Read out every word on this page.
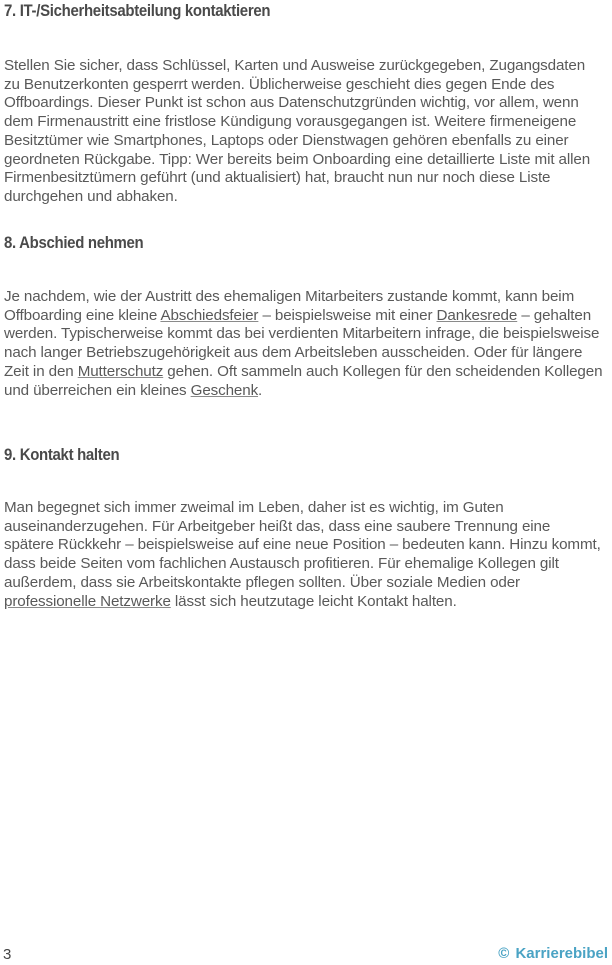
7. IT-/Sicherheitsabteilung kontaktieren

Stellen Sie sicher, dass Schlüssel, Karten und Ausweise zurückgegeben, Zugangsdaten zu Benutzerkonten gesperrt werden. Üblicherweise geschieht dies gegen Ende des Offboardings. Dieser Punkt ist schon aus Datenschutzgründen wichtig, vor allem, wenn dem Firmenaustritt eine fristlose Kündigung vorausgegangen ist. Weitere firmeneigene Besitztümer wie Smartphones, Laptops oder Dienstwagen gehören ebenfalls zu einer geordneten Rückgabe. Tipp: Wer bereits beim Onboarding eine detaillierte Liste mit allen Firmenbesitztümern geführt (und aktualisiert) hat, braucht nun nur noch diese Liste durchgehen und abhaken.

8. Abschied nehmen

Je nachdem, wie der Austritt des ehemaligen Mitarbeiters zustande kommt, kann beim Offboarding eine kleine Abschiedsfeier – beispielsweise mit einer Dankesrede – gehalten werden. Typischerweise kommt das bei verdienten Mitarbeitern infrage, die beispielsweise nach langer Betriebszugehörigkeit aus dem Arbeitsleben ausscheiden. Oder für längere Zeit in den Mutterschutz gehen. Oft sammeln auch Kollegen für den scheidenden Kollegen und überreichen ein kleines Geschenk.

9. Kontakt halten

Man begegnet sich immer zweimal im Leben, daher ist es wichtig, im Guten auseinanderzugehen. Für Arbeitgeber heißt das, dass eine saubere Trennung eine spätere Rückkehr – beispielsweise auf eine neue Position – bedeuten kann. Hinzu kommt, dass beide Seiten vom fachlichen Austausch profitieren. Für ehemalige Kollegen gilt außerdem, dass sie Arbeitskontakte pflegen sollten. Über soziale Medien oder professionelle Netzwerke lässt sich heutzutage leicht Kontakt halten.

3	© Karrierebibel
